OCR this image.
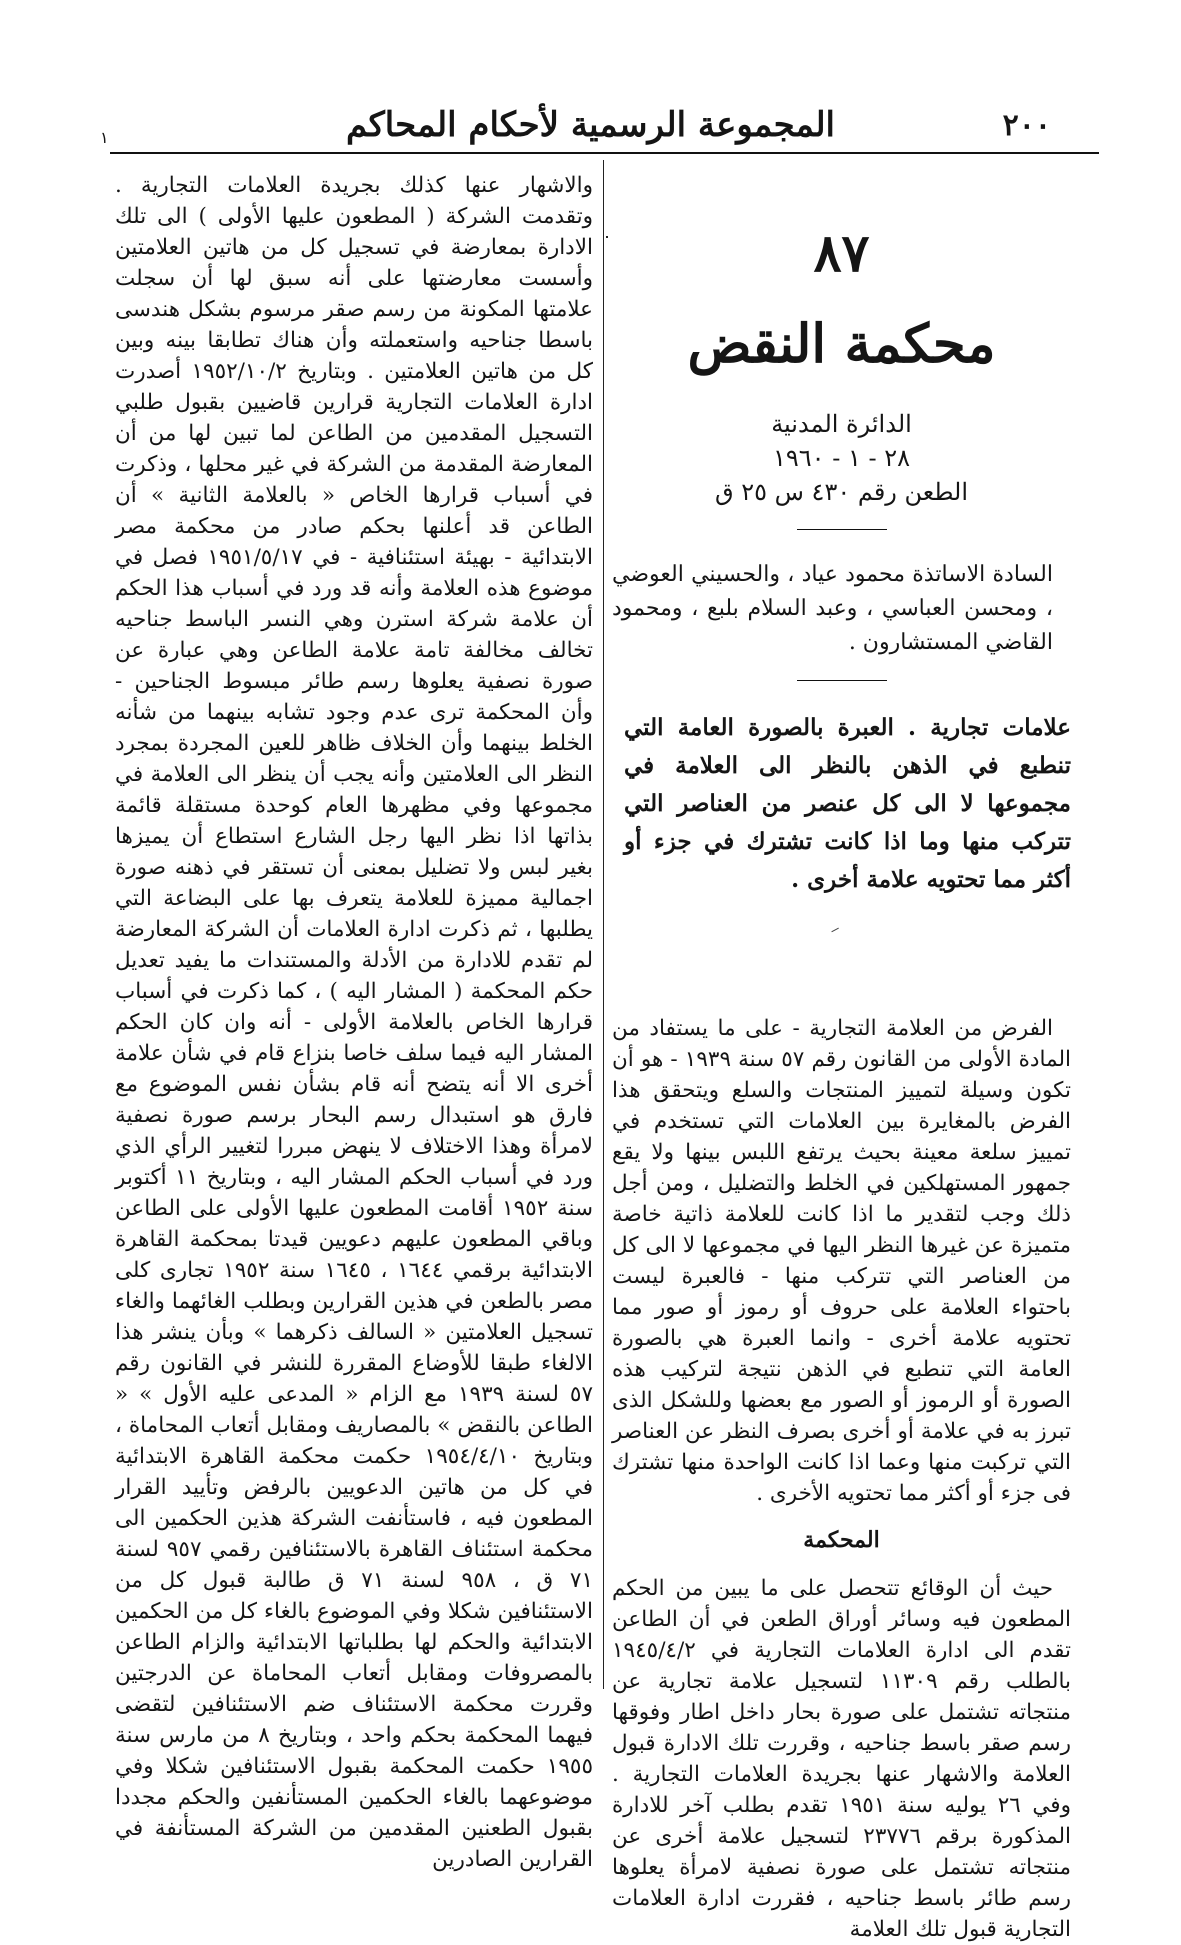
٢٠٠
المجموعة الرسمية لأحكام المحاكم
١
٨٧
محكمة النقض
الدائرة المدنية
٢٨ - ١ - ١٩٦٠
الطعن رقم ٤٣٠ س ٢٥ ق
السادة الاساتذة محمود عياد ، والحسيني العوضي ، ومحسن العباسي ، وعبد السلام بلبع ، ومحمود القاضي المستشارون .
علامات تجارية . العبرة بالصورة العامة التي تنطبع في الذهن بالنظر الى العلامة في مجموعها لا الى كل عنصر من العناصر التي تتركب منها وما اذا كانت تشترك في جزء أو أكثر مما تحتويه علامة أخرى .

الفرض من العلامة التجارية - على ما يستفاد من المادة الأولى من القانون رقم ٥٧ سنة ١٩٣٩ - هو أن تكون وسيلة لتمييز المنتجات والسلع ويتحقق هذا الفرض بالمغايرة بين العلامات التي تستخدم في تمييز سلعة معينة بحيث يرتفع اللبس بينها ولا يقع جمهور المستهلكين في الخلط والتضليل ، ومن أجل ذلك وجب لتقدير ما اذا كانت للعلامة ذاتية خاصة متميزة عن غيرها النظر اليها في مجموعها لا الى كل من العناصر التي تتركب منها - فالعبرة ليست باحتواء العلامة على حروف أو رموز أو صور مما تحتويه علامة أخرى - وانما العبرة هي بالصورة العامة التي تنطبع في الذهن نتيجة لتركيب هذه الصورة أو الرموز أو الصور مع بعضها وللشكل الذى تبرز به في علامة أو أخرى بصرف النظر عن العناصر التي تركبت منها وعما اذا كانت الواحدة منها تشترك فى جزء أو أكثر مما تحتويه الأخرى .

المحكمة

حيث أن الوقائع تتحصل على ما يبين من الحكم المطعون فيه وسائر أوراق الطعن في أن الطاعن تقدم الى ادارة العلامات التجارية في ١٩٤٥/٤/٢ بالطلب رقم ١١٣٠٩ لتسجيل علامة تجارية عن منتجاته تشتمل على صورة بحار داخل اطار وفوقها رسم صقر باسط جناحيه ، وقررت تلك الادارة قبول العلامة والاشهار عنها بجريدة العلامات التجارية . وفي ٢٦ يوليه سنة ١٩٥١ تقدم بطلب آخر للادارة المذكورة برقم ٢٣٧٧٦ لتسجيل علامة أخرى عن منتجاته تشتمل على صورة نصفية لامرأة يعلوها رسم طائر باسط جناحيه ، فقررت ادارة العلامات التجارية قبول تلك العلامة

والاشهار عنها كذلك بجريدة العلامات التجارية . وتقدمت الشركة ( المطعون عليها الأولى ) الى تلك الادارة بمعارضة في تسجيل كل من هاتين العلامتين وأسست معارضتها على أنه سبق لها أن سجلت علامتها المكونة من رسم صقر مرسوم بشكل هندسى باسطا جناحيه واستعملته وأن هناك تطابقا بينه وبين كل من هاتين العلامتين . وبتاريخ ١٩٥٢/١٠/٢ أصدرت ادارة العلامات التجارية قرارين قاضيين بقبول طلبي التسجيل المقدمين من الطاعن لما تبين لها من أن المعارضة المقدمة من الشركة في غير محلها ، وذكرت في أسباب قرارها الخاص « بالعلامة الثانية » أن الطاعن قد أعلنها بحكم صادر من محكمة مصر الابتدائية - بهيئة استئنافية - في ١٩٥١/٥/١٧ فصل في موضوع هذه العلامة وأنه قد ورد في أسباب هذا الحكم أن علامة شركة استرن وهي النسر الباسط جناحيه تخالف مخالفة تامة علامة الطاعن وهي عبارة عن صورة نصفية يعلوها رسم طائر مبسوط الجناحين - وأن المحكمة ترى عدم وجود تشابه بينهما من شأنه الخلط بينهما وأن الخلاف ظاهر للعين المجردة بمجرد النظر الى العلامتين وأنه يجب أن ينظر الى العلامة في مجموعها وفي مظهرها العام كوحدة مستقلة قائمة بذاتها اذا نظر اليها رجل الشارع استطاع أن يميزها بغير لبس ولا تضليل بمعنى أن تستقر في ذهنه صورة اجمالية مميزة للعلامة يتعرف بها على البضاعة التي يطلبها ، ثم ذكرت ادارة العلامات أن الشركة المعارضة لم تقدم للادارة من الأدلة والمستندات ما يفيد تعديل حكم المحكمة ( المشار اليه ) ، كما ذكرت في أسباب قرارها الخاص بالعلامة الأولى - أنه وان كان الحكم المشار اليه فيما سلف خاصا بنزاع قام في شأن علامة أخرى الا أنه يتضح أنه قام بشأن نفس الموضوع مع فارق هو استبدال رسم البحار برسم صورة نصفية لامرأة وهذا الاختلاف لا ينهض مبررا لتغيير الرأي الذي ورد في أسباب الحكم المشار اليه ، وبتاريخ ١١ أكتوبر سنة ١٩٥٢ أقامت المطعون عليها الأولى على الطاعن وباقي المطعون عليهم دعويين قيدتا بمحكمة القاهرة الابتدائية برقمي ١٦٤٤ ، ١٦٤٥ سنة ١٩٥٢ تجارى كلى مصر بالطعن في هذين القرارين وبطلب الغائهما والغاء تسجيل العلامتين « السالف ذكرهما » وبأن ينشر هذا الالغاء طبقا للأوضاع المقررة للنشر في القانون رقم ٥٧ لسنة ١٩٣٩ مع الزام « المدعى عليه الأول » « الطاعن بالنقض » بالمصاريف ومقابل أتعاب المحاماة ، وبتاريخ ١٩٥٤/٤/١٠ حكمت محكمة القاهرة الابتدائية في كل من هاتين الدعويين بالرفض وتأييد القرار المطعون فيه ، فاستأنفت الشركة هذين الحكمين الى محكمة استئناف القاهرة بالاستئنافين رقمي ٩٥٧ لسنة ٧١ ق ، ٩٥٨ لسنة ٧١ ق طالبة قبول كل من الاستئنافين شكلا وفي الموضوع بالغاء كل من الحكمين الابتدائية والحكم لها بطلباتها الابتدائية والزام الطاعن بالمصروفات ومقابل أتعاب المحاماة عن الدرجتين وقررت محكمة الاستئناف ضم الاستئنافين لتقضى فيهما المحكمة بحكم واحد ، وبتاريخ ٨ من مارس سنة ١٩٥٥ حكمت المحكمة بقبول الاستئنافين شكلا وفي موضوعهما بالغاء الحكمين المستأنفين والحكم مجددا بقبول الطعنين المقدمين من الشركة المستأنفة في القرارين الصادرين
